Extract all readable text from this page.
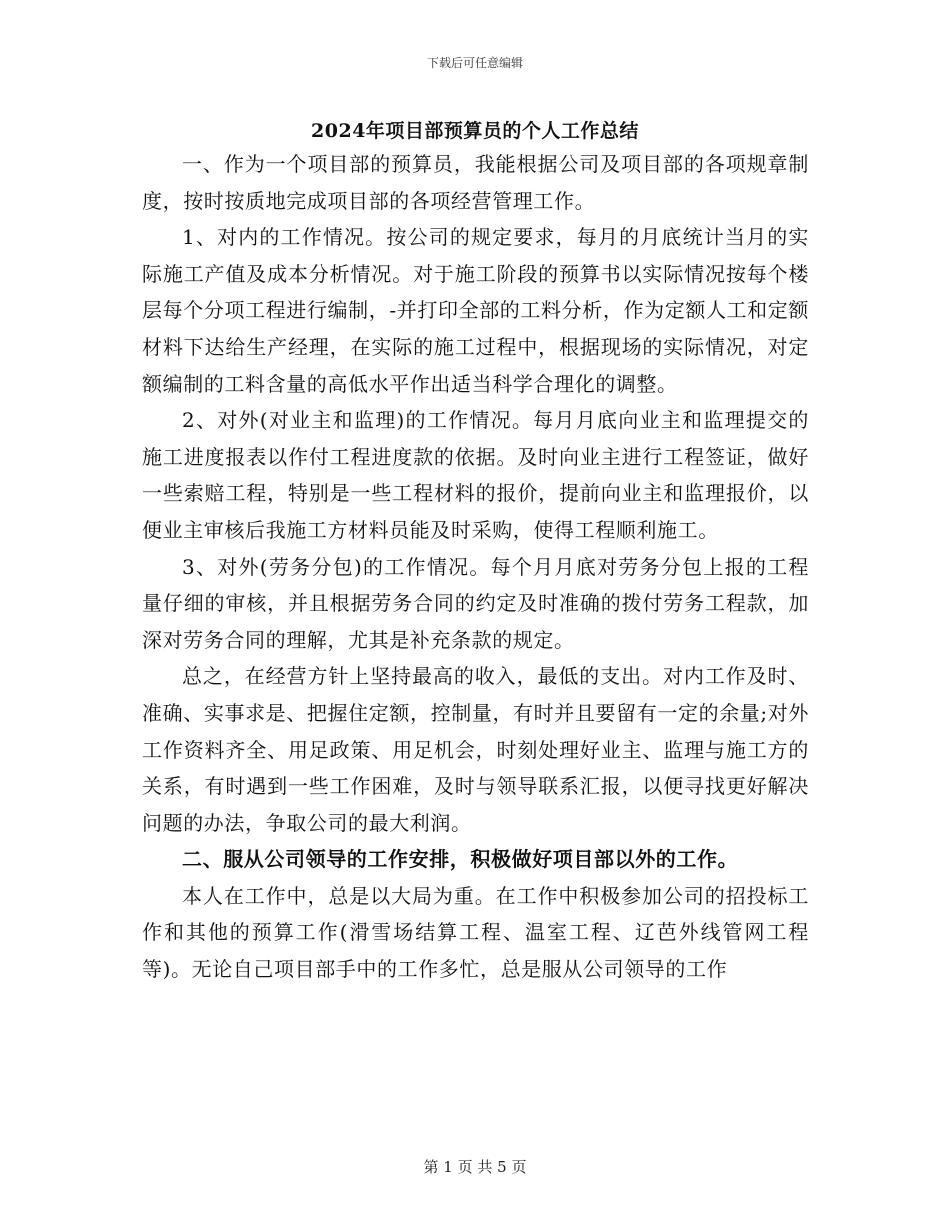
下载后可任意编辑
2024年项目部预算员的个人工作总结

一、作为一个项目部的预算员，我能根据公司及项目部的各项规章制度，按时按质地完成项目部的各项经营管理工作。

1、对内的工作情况。按公司的规定要求，每月的月底统计当月的实际施工产值及成本分析情况。对于施工阶段的预算书以实际情况按每个楼层每个分项工程进行编制，-并打印全部的工料分析，作为定额人工和定额材料下达给生产经理，在实际的施工过程中，根据现场的实际情况，对定额编制的工料含量的高低水平作出适当科学合理化的调整。

2、对外(对业主和监理)的工作情况。每月月底向业主和监理提交的施工进度报表以作付工程进度款的依据。及时向业主进行工程签证，做好一些索赔工程，特别是一些工程材料的报价，提前向业主和监理报价，以便业主审核后我施工方材料员能及时采购，使得工程顺利施工。

3、对外(劳务分包)的工作情况。每个月月底对劳务分包上报的工程量仔细的审核，并且根据劳务合同的约定及时准确的拨付劳务工程款，加深对劳务合同的理解，尤其是补充条款的规定。

总之，在经营方针上坚持最高的收入，最低的支出。对内工作及时、准确、实事求是、把握住定额，控制量，有时并且要留有一定的余量;对外工作资料齐全、用足政策、用足机会，时刻处理好业主、监理与施工方的关系，有时遇到一些工作困难，及时与领导联系汇报，以便寻找更好解决问题的办法，争取公司的最大利润。

二、服从公司领导的工作安排，积极做好项目部以外的工作。

本人在工作中，总是以大局为重。在工作中积极参加公司的招投标工作和其他的预算工作(滑雪场结算工程、温室工程、辽芭外线管网工程等)。无论自己项目部手中的工作多忙，总是服从公司领导的工作

第 1 页 共 5 页
